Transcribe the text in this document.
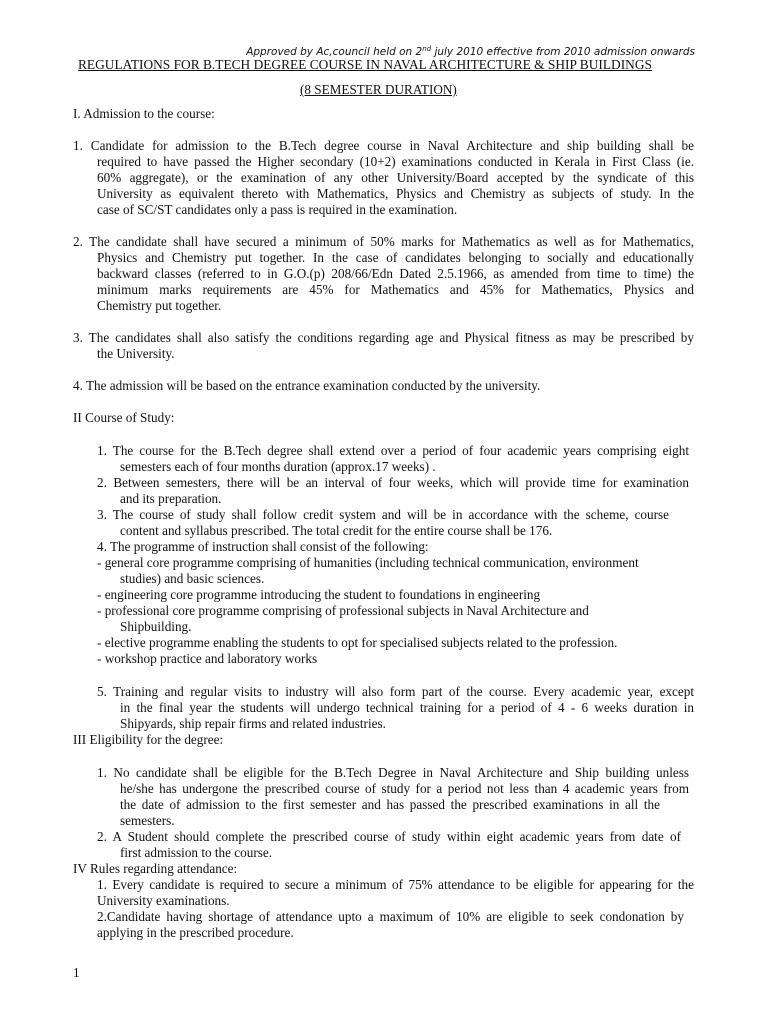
Approved by Ac,council held on 2nd july 2010 effective from 2010 admission onwards
REGULATIONS FOR B.TECH DEGREE COURSE IN NAVAL ARCHITECTURE & SHIP BUILDINGS
(8 SEMESTER DURATION)
I. Admission to the course:
1. Candidate for admission to the B.Tech degree course in Naval Architecture and ship building shall be
required to have passed the Higher secondary (10+2) examinations conducted in Kerala in First Class (ie.
60% aggregate), or the examination of any other University/Board accepted by the syndicate of this
University as equivalent thereto with Mathematics, Physics and Chemistry as subjects of study. In the
case of SC/ST candidates only a pass is required in the examination.
2. The candidate shall have secured a minimum of 50% marks for Mathematics as well as for Mathematics,
Physics and Chemistry put together. In the case of candidates belonging to socially and educationally
backward classes (referred to in G.O.(p) 208/66/Edn Dated 2.5.1966, as amended from time to time) the
minimum marks requirements are 45% for Mathematics and 45% for Mathematics, Physics and
Chemistry put together.
3. The candidates shall also satisfy the conditions regarding age and Physical fitness as may be prescribed by
the University.
4. The admission will be based on the entrance examination conducted by the university.
II Course of Study:
1. The course for the B.Tech degree shall extend over a period of four academic years comprising eight
semesters each of four months duration (approx.17 weeks) .
2. Between semesters, there will be an interval of four weeks, which will provide time for examination
and its preparation.
3. The course of study shall follow credit system and will be in accordance with the scheme, course
content and syllabus prescribed. The total credit for the entire course shall be 176.
4. The programme of instruction shall consist of the following:
- general core programme comprising of humanities (including technical communication, environment
studies) and basic sciences.
- engineering core programme introducing the student to foundations in engineering
- professional core programme comprising of professional subjects in Naval Architecture and
Shipbuilding.
- elective programme enabling the students to opt for specialised subjects related to the profession.
- workshop practice and laboratory works
5. Training and regular visits to industry will also form part of the course. Every academic year, except
in the final year the students will undergo technical training for a period of 4 - 6 weeks duration in
Shipyards, ship repair firms and related industries.
III Eligibility for the degree:
1. No candidate shall be eligible for the B.Tech Degree in Naval Architecture and Ship building unless
he/she has undergone the prescribed course of study for a period not less than 4 academic years from
the date of admission to the first semester and has passed the prescribed examinations in all the
semesters.
2. A Student should complete the prescribed course of study within eight academic years from date of
first admission to the course.
IV Rules regarding attendance:
1. Every candidate is required to secure a minimum of 75% attendance to be eligible for appearing for the
University examinations.
2.Candidate having shortage of attendance upto a maximum of 10% are eligible to seek condonation by
applying in the prescribed procedure.
1
